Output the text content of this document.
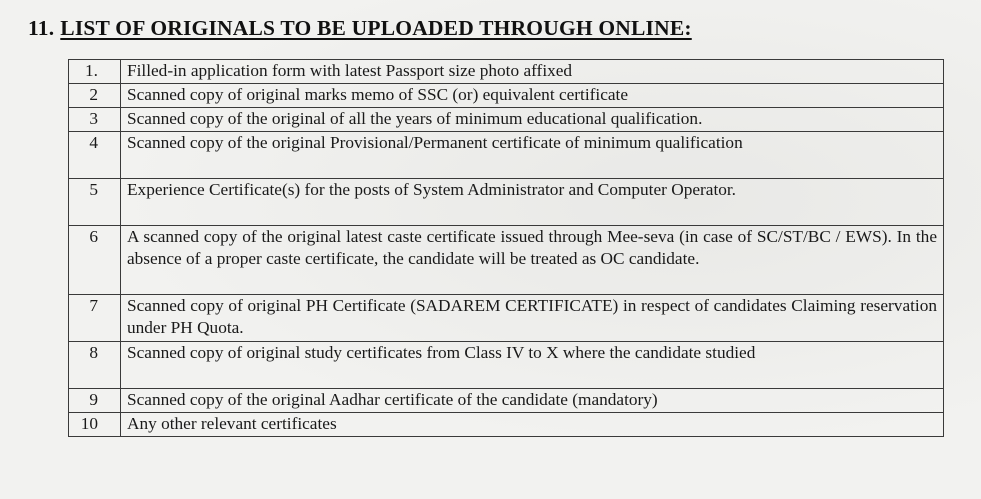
11. LIST OF ORIGINALS TO BE UPLOADED THROUGH ONLINE:
1.	Filled-in application form with latest Passport size photo affixed
2	Scanned copy of original marks memo of SSC (or) equivalent certificate
3	Scanned copy of the original of all the years of minimum educational qualification.
4	Scanned copy of the original Provisional/Permanent certificate of minimum qualification
5	Experience Certificate(s) for the posts of System Administrator and Computer Operator.
6	A scanned copy of the original latest caste certificate issued through Mee-seva (in case of SC/ST/BC / EWS). In the absence of a proper caste certificate, the candidate will be treated as OC candidate.
7	Scanned copy of original PH Certificate (SADAREM CERTIFICATE) in respect of candidates Claiming reservation under PH Quota.
8	Scanned copy of original study certificates from Class IV to X where the candidate studied
9	Scanned copy of the original Aadhar certificate of the candidate (mandatory)
10	Any other relevant certificates
